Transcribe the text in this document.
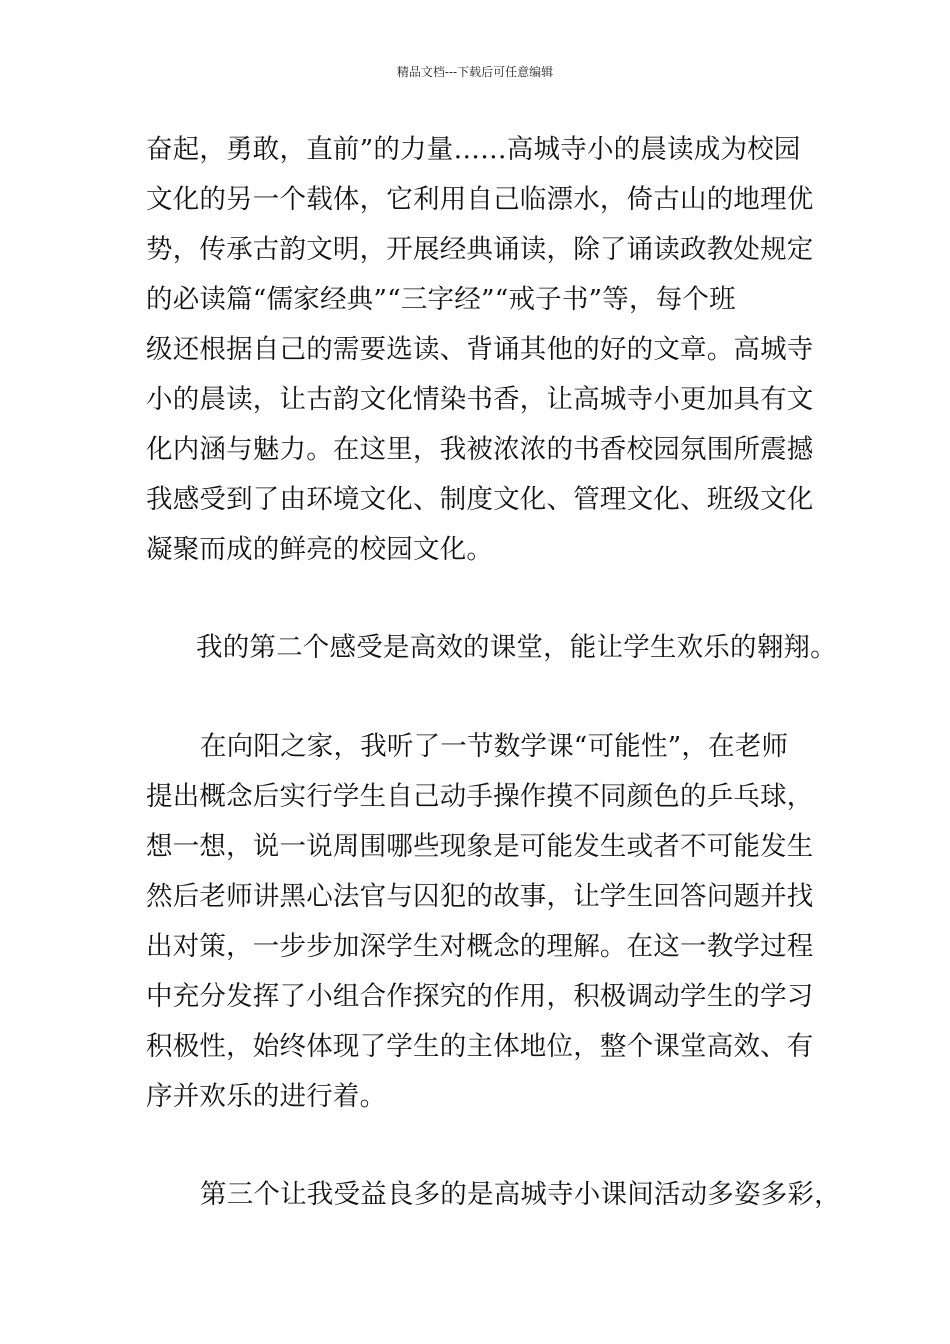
精品文档---下载后可任意编辑
奋起，勇敢，直前”的力量……高城寺小的晨读成为校园
文化的另一个载体，它利用自己临漂水，倚古山的地理优
势，传承古韵文明，开展经典诵读，除了诵读政教处规定
的必读篇“儒家经典”“三字经”“戒子书”等，每个班
级还根据自己的需要选读、背诵其他的好的文章。高城寺
小的晨读，让古韵文化情染书香，让高城寺小更加具有文
化内涵与魅力。在这里，我被浓浓的书香校园氛围所震撼
我感受到了由环境文化、制度文化、管理文化、班级文化
凝聚而成的鲜亮的校园文化。
我的第二个感受是高效的课堂，能让学生欢乐的翱翔。
在向阳之家，我听了一节数学课“可能性”，在老师
提出概念后实行学生自己动手操作摸不同颜色的乒乓球，
想一想，说一说周围哪些现象是可能发生或者不可能发生
然后老师讲黑心法官与囚犯的故事，让学生回答问题并找
出对策，一步步加深学生对概念的理解。在这一教学过程
中充分发挥了小组合作探究的作用，积极调动学生的学习
积极性，始终体现了学生的主体地位，整个课堂高效、有
序并欢乐的进行着。
第三个让我受益良多的是高城寺小课间活动多姿多彩，
